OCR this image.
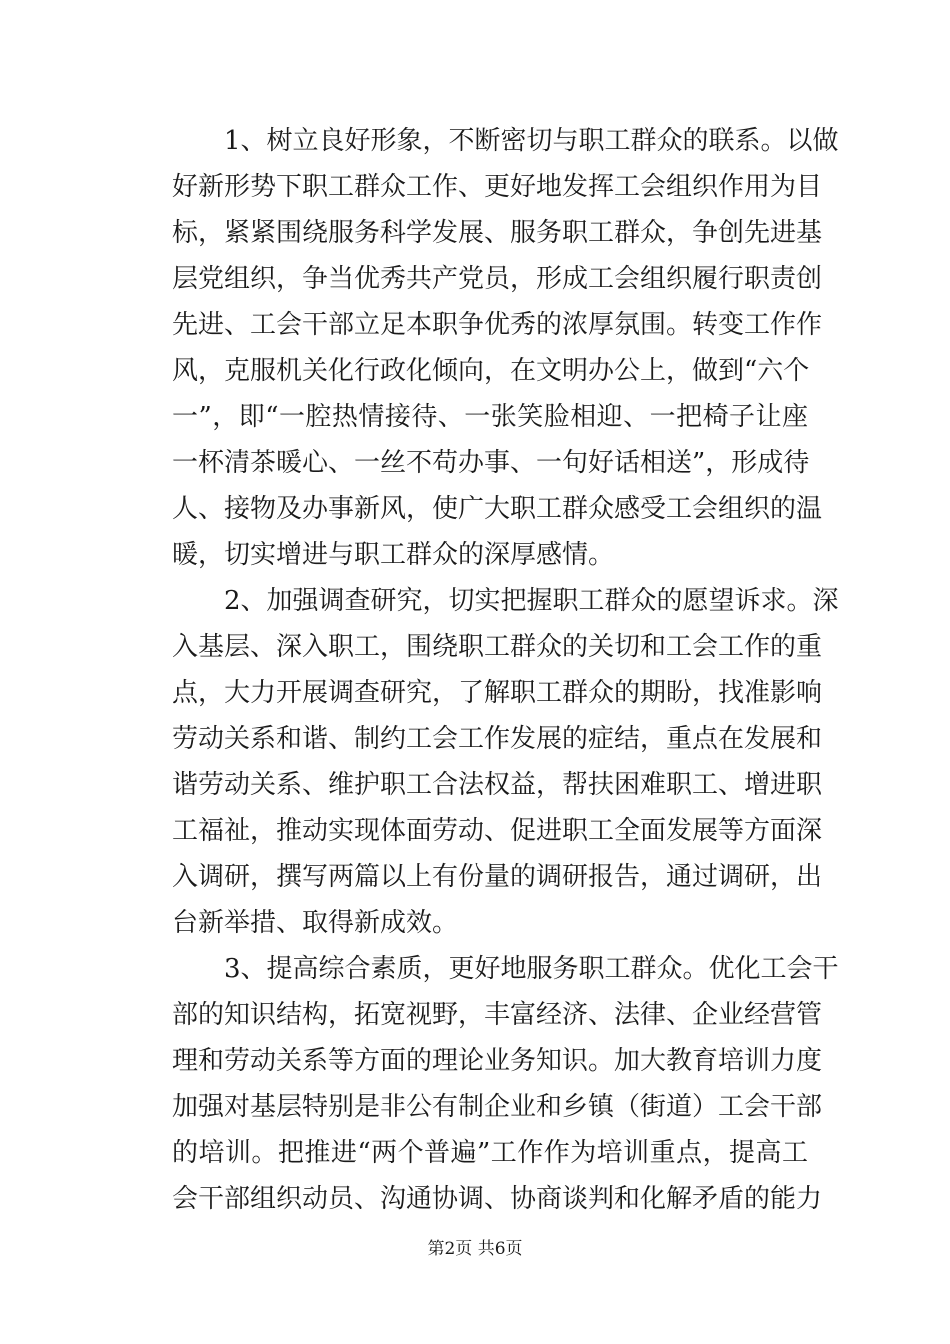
　　1、树立良好形象，不断密切与职工群众的联系。以做
好新形势下职工群众工作、更好地发挥工会组织作用为目
标，紧紧围绕服务科学发展、服务职工群众，争创先进基
层党组织，争当优秀共产党员，形成工会组织履行职责创
先进、工会干部立足本职争优秀的浓厚氛围。转变工作作
风，克服机关化行政化倾向，在文明办公上，做到“六个
一”，即“一腔热情接待、一张笑脸相迎、一把椅子让座
一杯清茶暖心、一丝不苟办事、一句好话相送”，形成待
人、接物及办事新风，使广大职工群众感受工会组织的温
暖，切实增进与职工群众的深厚感情。
　　2、加强调查研究，切实把握职工群众的愿望诉求。深
入基层、深入职工，围绕职工群众的关切和工会工作的重
点，大力开展调查研究，了解职工群众的期盼，找准影响
劳动关系和谐、制约工会工作发展的症结，重点在发展和
谐劳动关系、维护职工合法权益，帮扶困难职工、增进职
工福祉，推动实现体面劳动、促进职工全面发展等方面深
入调研，撰写两篇以上有份量的调研报告，通过调研，出
台新举措、取得新成效。
　　3、提高综合素质，更好地服务职工群众。优化工会干
部的知识结构，拓宽视野，丰富经济、法律、企业经营管
理和劳动关系等方面的理论业务知识。加大教育培训力度
加强对基层特别是非公有制企业和乡镇（街道）工会干部
的培训。把推进“两个普遍”工作作为培训重点，提高工
会干部组织动员、沟通协调、协商谈判和化解矛盾的能力
第2页 共6页
